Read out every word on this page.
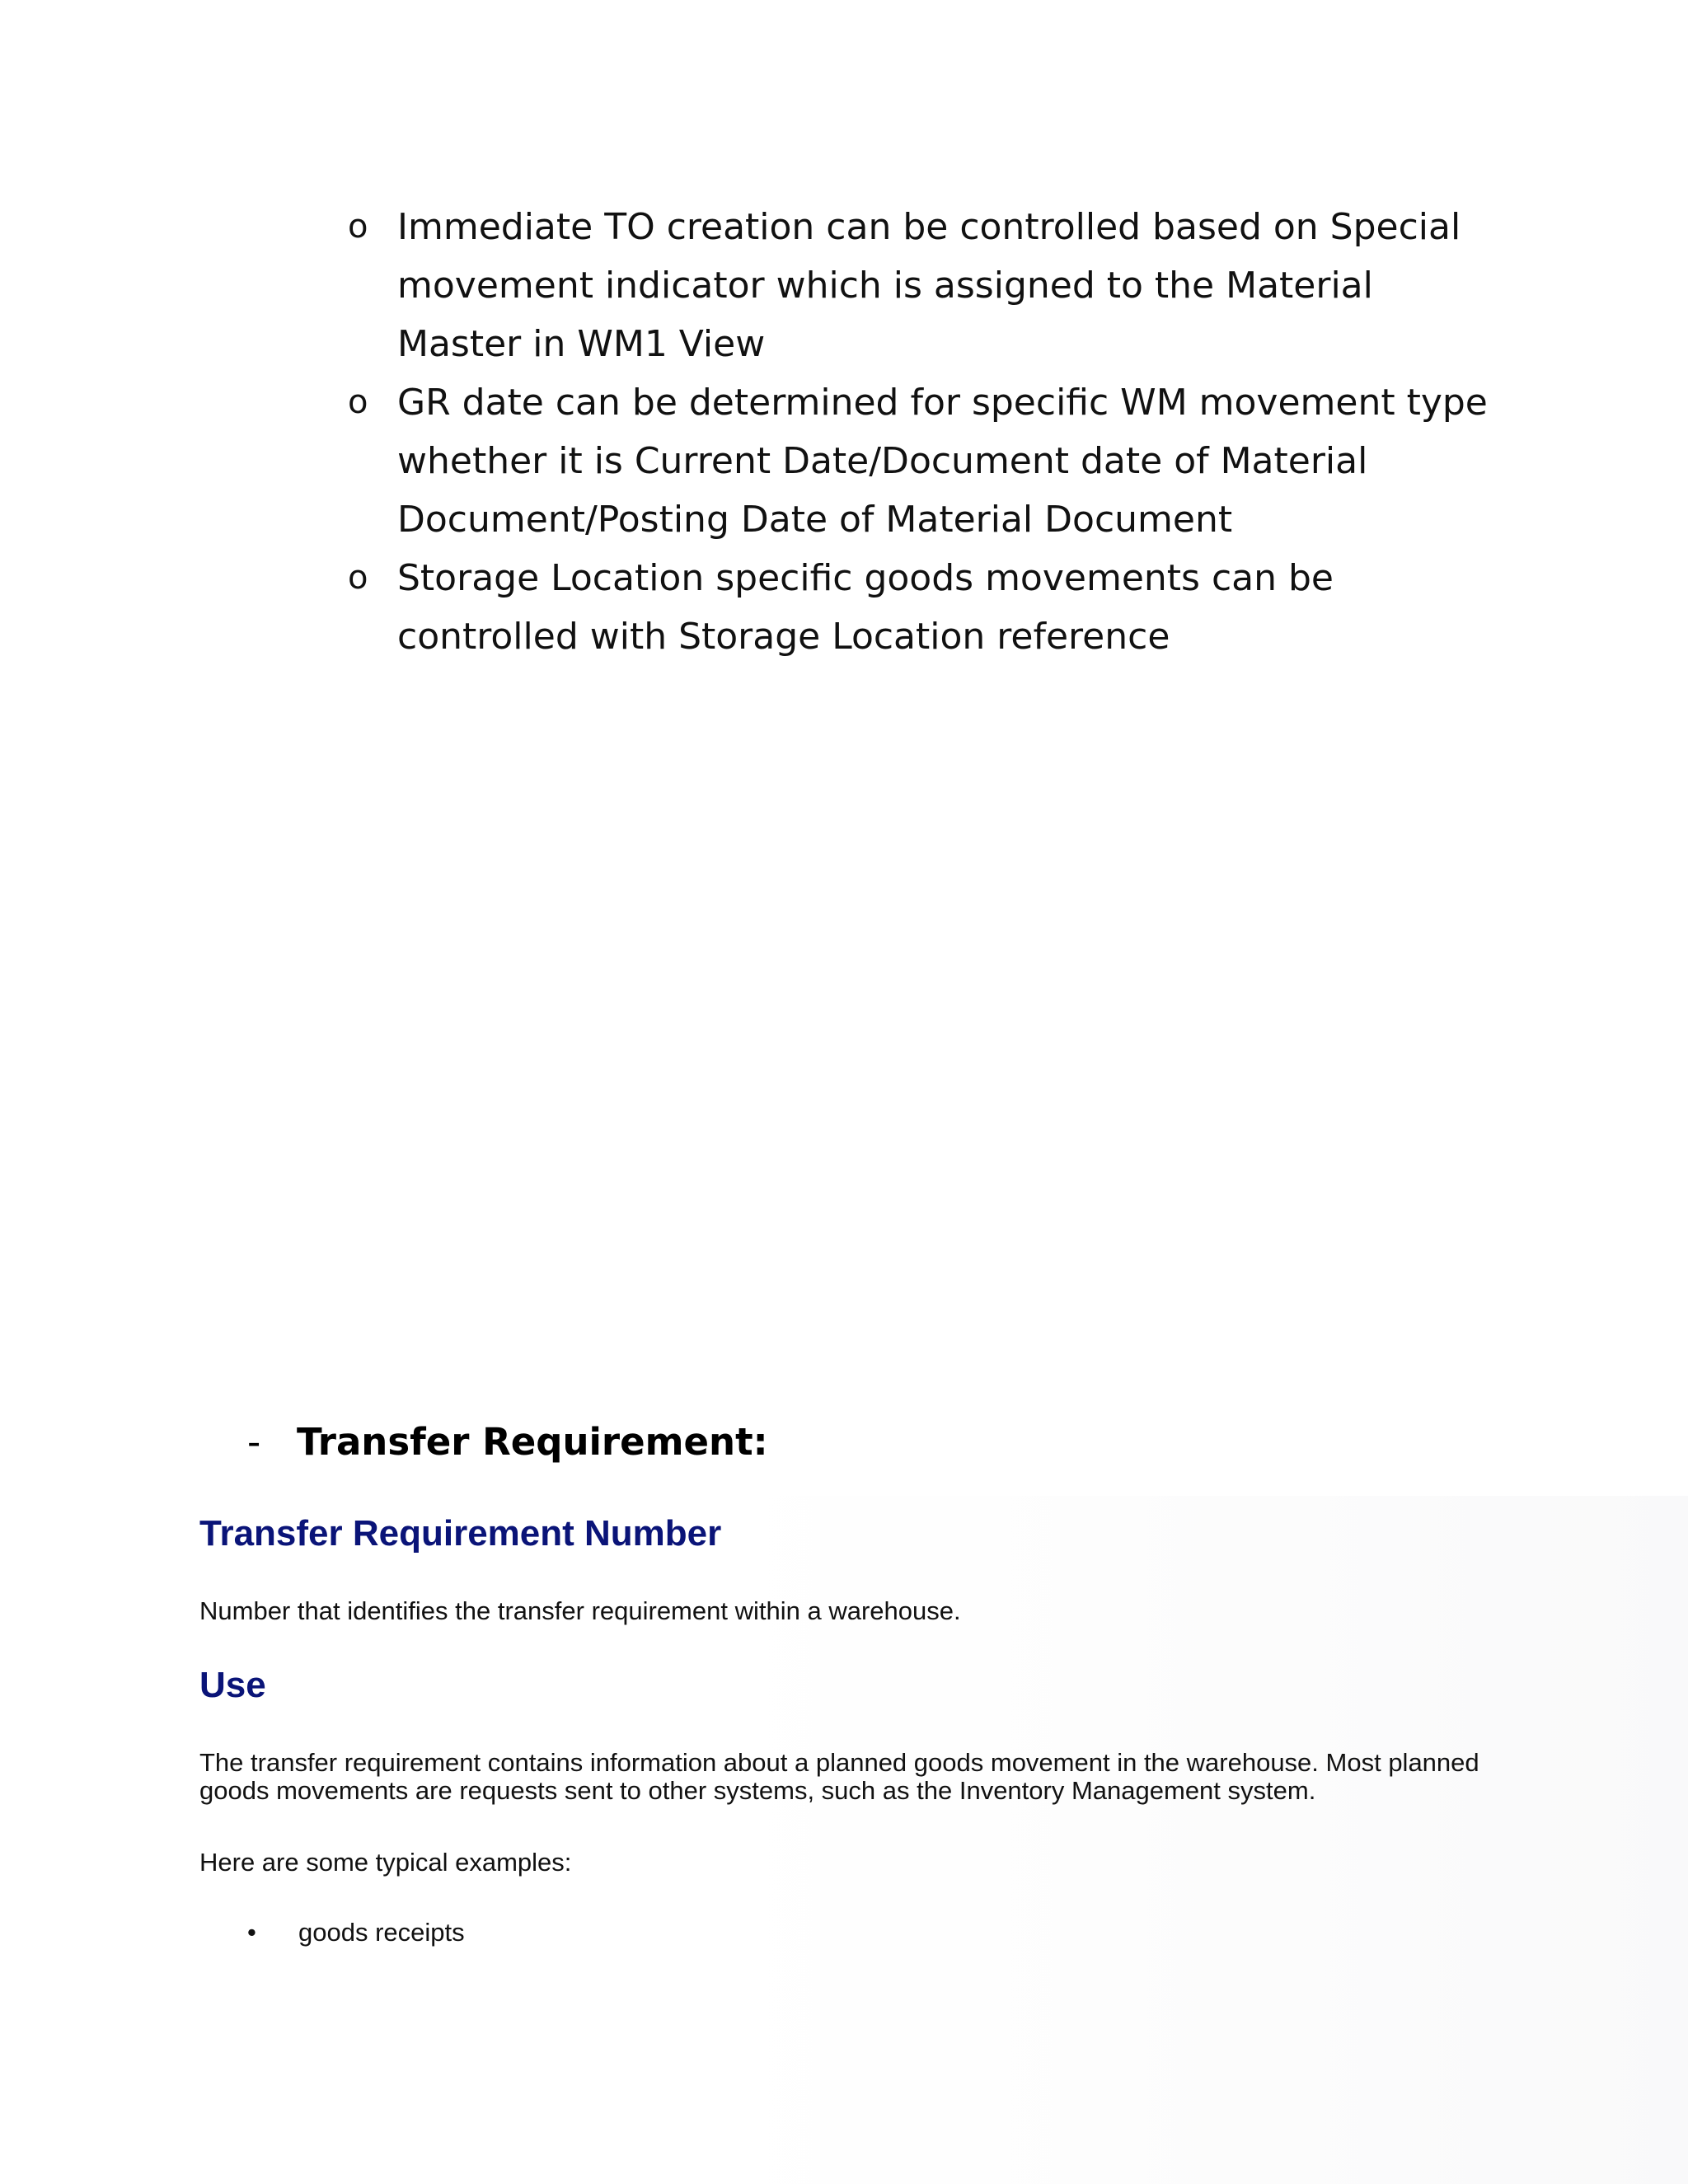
o Immediate TO creation can be controlled based on Special movement indicator which is assigned to the Material Master in WM1 View
o GR date can be determined for specific WM movement type whether it is Current Date/Document date of Material Document/Posting Date of Material Document
o Storage Location specific goods movements can be controlled with Storage Location reference
- Transfer Requirement:
Transfer Requirement Number

Number that identifies the transfer requirement within a warehouse.

Use

The transfer requirement contains information about a planned goods movement in the warehouse. Most planned goods movements are requests sent to other systems, such as the Inventory Management system.

Here are some typical examples:

• goods receipts
